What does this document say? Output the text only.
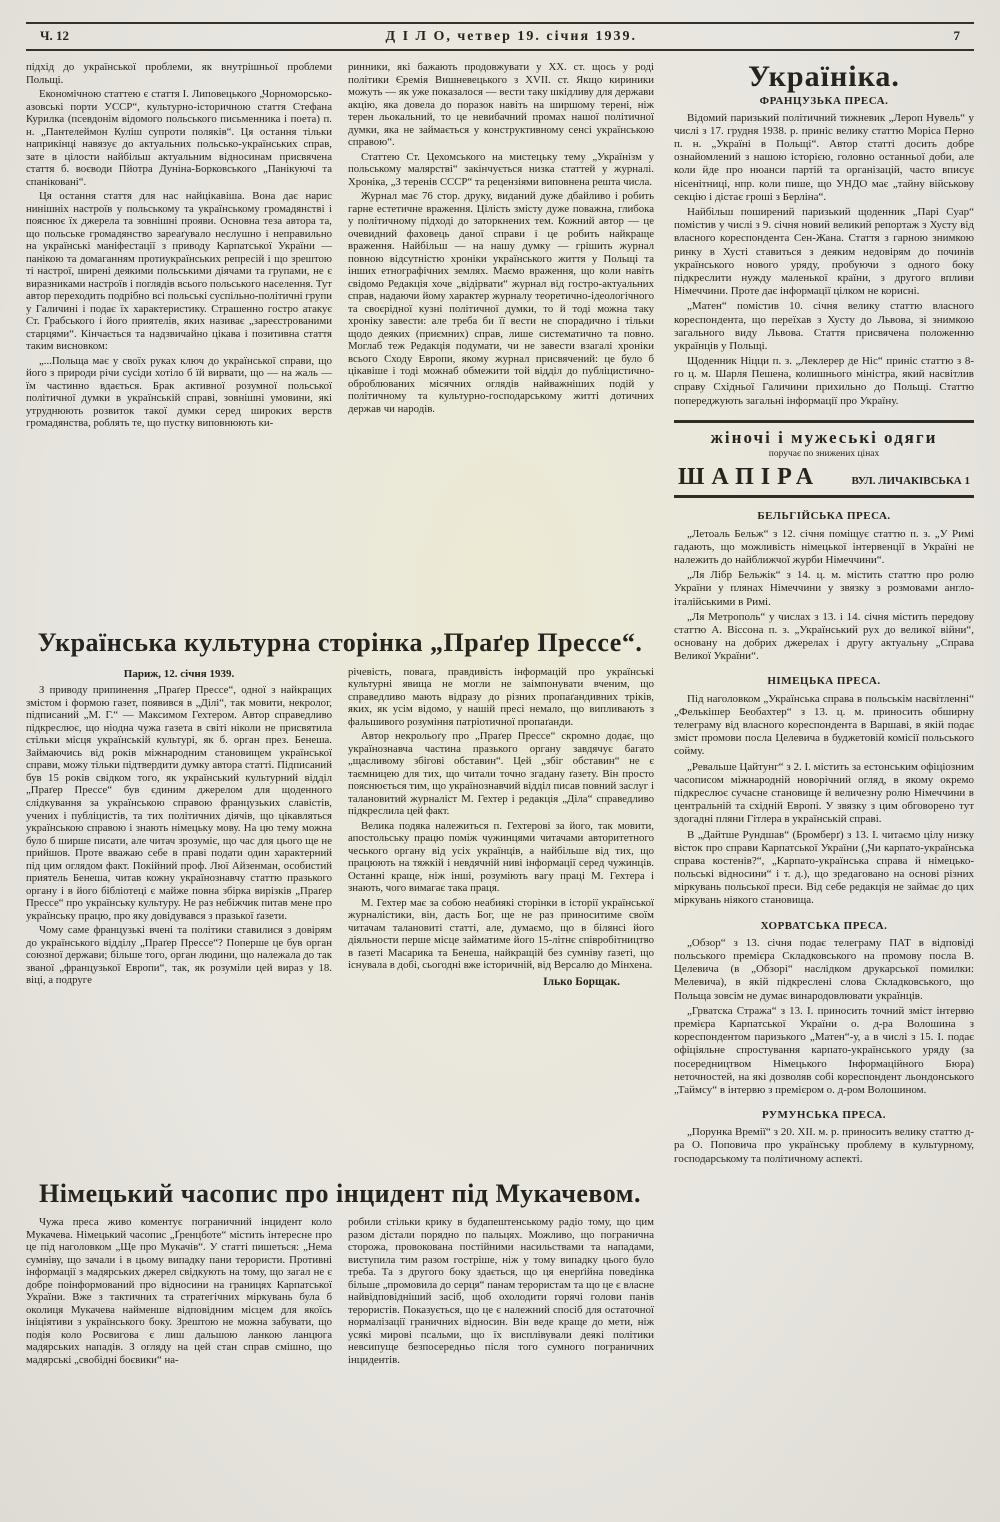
Ч. 12	Д І Л О, четвер 19. січня 1939.	7

підхід до української проблеми, як внутрішньої проблеми Польщі.

Економічною статтею є стаття І. Липовецького „Чорноморсько-азовські порти УССР“, культурно-історичною стаття Стефана Курилка (псевдонім відомого польського письменника і поета) п. н. „Пантелеймон Куліш супроти поляків“. Ця остання тільки наприкінці навязує до актуальних польсько-українських справ, зате в цілости найбільш актуальним відносинам присвячена стаття б. воєводи Пйотра Дуніна-Борковського „Панікуючі та спаніковані“.

Ця остання стаття для нас найцікавіша. Вона дає нарис нинішніх настроїв у польському та українському громадянстві і пояснює їх джерела та зовнішні прояви. Основна теза автора та, що польське громадянство зареаґувало неслушно і неправильно на українські маніфестації з приводу Карпатської України — панікою та домаганням протиукраїнських репресій і що зрештою ті настрої, ширені деякими польськими діячами та групами, не є виразниками настроїв і поглядів всього польського населення. Тут автор переходить подрібно всі польські суспільно-політичні групи у Галичині і подає їх характеристику. Страшенно гостро атакує Ст. Грабського і його приятелів, яких називає „зареєстрованими старцями“. Кінчається та надзвичайно цікава і позитивна стаття таким висновком:

„...Польща має у своїх руках ключ до української справи, що його з природи річи сусіди хотіло б їй вирвати, що — на жаль — їм частинно вдається. Брак активної розумної польської політичної думки в українській справі, зовнішні умовини, які утруднюють розвиток такої думки серед широких верств громадянства, роблять те, що пустку виповнюють ки-

ринники, які бажають продовжувати у XX. ст. щось у роді політики Єремія Вишневецького з XVII. ст. Якщо кириники можуть — як уже показалося — вести таку шкідливу для держави акцію, яка довела до поразок навіть на ширшому терені, ніж терен льокальний, то це невибачний промах нашої політичної думки, яка не займається у конструктивному сенсі українською справою“.

Статтею Ст. Цехомського на мистецьку тему „Українізм у польському малярстві“ закінчується низка статтей у журналі. Хроніка, „З теренів СССР“ та рецензіями виповнена решта числа.

Журнал має 76 стор. друку, виданий дуже дбайливо і робить гарне естетичне враження. Цілість змісту дуже поважна, глибока у політичному підході до заторкнених тем. Кожний автор — це очевидний фаховець даної справи і це робить найкраще враження. Найбільш — на нашу думку — грішить журнал повною відсутністю хроніки українського життя у Польщі та інших етнографічних землях. Маємо враження, що коли навіть свідомо Редакція хоче „відірвати“ журнал від гостро-актуальних справ, надаючи йому характер журналу теоретично-ідеологічного та своєрідної кузні політичної думки, то й тоді можна таку хроніку завести: але треба би її вести не спорадично і тільки щодо деяких (приємних) справ, лише систематично та повно. Моглаб теж Редакція подумати, чи не завести взагалі хроніки всього Сходу Европи, якому журнал присвячений: це було б цікавіше і тоді можнаб обмежити той відділ до публіцистично-оброблюваних місячних оглядів найважніших подій у політичному та культурно-господарському житті дотичних держав чи народів.

Українська культурна сторінка „Праґер Прессе“.
Париж, 12. січня 1939.

З приводу припинення „Праґер Прессе“, одної з найкращих змістом і формою газет, появився в „Ділі“, так мовити, некролог, підписаний „М. Г.“ — Максимом Гехтером. Автор справедливо підкреслює, що ніодна чужа газета в світі ніколи не присвятила стільки місця українській культурі, як б. орган през. Бенеша. Займаючись від років міжнародним становищем української справи, можу тільки підтвердити думку автора статті. Підписаний був 15 років свідком того, як український культурний відділ „Праґер Прессе“ був єдиним джерелом для щоденного слідкування за українською справою французьких славістів, учених і публіцистів, та тих політичних діячів, що цікавляться українською справою і знають німецьку мову. На цю тему можна було б ширше писати, але читач зрозуміє, що час для цього ще не прийшов. Проте вважаю себе в праві подати один характерний під цим оглядом факт. Покійний проф. Люї Айзенман, особистий приятель Бенеша, читав кожну українознавчу статтю празького органу і в його бібліотеці є майже повна збірка вирізків „Праґер Прессе“ про українську культуру. Не раз небіжчик питав мене про українську працю, про яку довідувався з празької ґазети.

Чому саме французькі вчені та політики ставилися з довірям до українського відділу „Праґер Прессе“? Поперше це був орган союзної держави; більше того, орган людини, що належала до так званої „французької Европи“, так, як розуміли цей вираз у 18. віці, а подруге

річевість, повага, правдивість інформацій про українські культурні явища не могли не заімпонувати вченим, що справедливо мають відразу до різних пропаґандивних тріків, яких, як усім відомо, у нашій пресі немало, що випливають з фальшивого розуміння патріотичної пропаґанди.

Автор некрольоґу про „Праґер Прессе“ скромно додає, що українознавча частина празького органу завдячує багато „щасливому збігові обставин“. Цей „збіг обставин“ не є таємницею для тих, що читали точно згадану ґазету. Він просто пояснюється тим, що українознавчий відділ писав повний заслуг і талановитий журналіст М. Гехтер і редакція „Діла“ справедливо підкреслила цей факт.

Велика подяка належиться п. Гехтерові за його, так мовити, апостольську працю поміж чужинцями читачами авторитетного чеського органу від усіх українців, а найбільше від тих, що працюють на тяжкій і невдячній ниві інформації серед чужинців. Останні краще, ніж інші, розуміють вагу праці М. Гехтера і знають, чого вимагає така праця.

М. Гехтер має за собою неабиякі сторінки в історії української журналістики, він, дасть Бог, ще не раз приноситиме своїм читачам талановиті статті, але, думаємо, що в білянсі його діяльности перше місце займатиме його 15-літнє співробітництво в ґазеті Масарика та Бенеша, найкращій без сумніву ґазеті, що існувала в добі, сьогодні вже історичній, від Версалю до Мінхена.

Ілько Борщак.
Німецький часопис про інцидент під Мукачевом.

Чужа преса живо коментує пограничний інцидент коло Мукачева. Німецький часопис „Ґренцботе“ містить інтересне про це під наголовком „Ще про Мукачів“. У статті пишеться: „Нема сумніву, що зачали і в цьому випадку пани терористи. Противні інформації з мадярських джерел свідкують на тому, що загал не є добре поінформований про відносини на границях Карпатської України. Вже з тактичних та стратегічних міркувань була б околиця Мукачева найменше відповідним місцем для якоїсь ініціятиви з українського боку. Зрештою не можна забувати, що подія коло Росвигова є лиш дальшою ланкою ланцюга мадярських нападів. З огляду на цей стан справ смішно, що мадярські „свобідні боєвики“ на-

робили стільки крику в будапештенському радіо тому, що цим разом дістали порядно по пальцях. Можливо, що погранична сторожа, провокована постійними насильствами та нападами, виступила тим разом гостріше, ніж у тому випадку цього було треба. Та з другого боку здається, що ця енерґійна поведінка більше „промовила до серця“ панам терористам та що це є власне найвідповідніший засіб, щоб охолодити горячі голови панів терористів. Показується, що це є належний спосіб для остаточної нормалізації граничних відносин. Він веде краще до мети, ніж усякі мирові псальми, що їх висплівували деякі політики невсипуще безпосередньо після того сумного пограничних інцидентів.

Україніка.
ФРАНЦУЗЬКА ПРЕСА.

Відомий паризький політичний тижневик „Лероп Нувель“ у числі з 17. грудня 1938. р. приніс велику статтю Моріса Перно п. н. „Україні в Польщі“. Автор статті досить добре ознайомлений з нашою історією, головно останньої доби, але коли йде про нюанси партій та організацій, часто вписує нісенітниці, нпр. коли пише, що УНДО має „тайну військову секцію і дістає гроші з Берліна“.

Найбільш поширений паризький щоденник „Парі Суар“ помістив у числі з 9. січня новий великий репортаж з Хусту від власного кореспондента Сен-Жана. Стаття з гарною знимкою ринку в Хусті ставиться з деяким недовірям до починів українського нового уряду, пробуючи з одного боку підкреслити нужду маленької країни, з другого впливи Німеччини. Проте дає інформації цілком не корисні.

„Матен“ помістив 10. січня велику статтю власного кореспондента, що переїхав з Хусту до Львова, зі знимкою загального виду Львова. Стаття присвячена положенню українців у Польщі.

Щоденник Ніцци п. з. „Леклерер де Ніс“ приніс статтю з 8-го ц. м. Шарля Пешена, колишнього міністра, який насвітлив справу Східньої Галичини прихильно до Польщі. Статтю попереджують загальні інформації про Україну.

жіночі і мужеські одяги
поручає по знижених цінах
ШАПІРА	ВУЛ. ЛИЧАКІВСЬКА 1
БЕЛЬГІЙСЬКА ПРЕСА.

„Летоаль Бельж“ з 12. січня поміщує статтю п. з. „У Римі гадають, що можливість німецької інтервенції в Україні не належить до найближчої журби Німеччини“.

„Ля Лібр Бельжік“ з 14. ц. м. містить статтю про ролю України у плянах Німеччини у звязку з розмовами англо-італійськими в Римі.

„Ля Метрополь“ у числах з 13. і 14. січня містить передову статтю А. Віссона п. з. „Український рух до великої війни“, основану на добрих джерелах і другу актуальну „Справа Великої України“.

НІМЕЦЬКА ПРЕСА.

Під наголовком „Українська справа в польськім насвітленні“ „Фелькішер Беобахтер“ з 13. ц. м. приносить обширну телеграму від власного кореспондента в Варшаві, в якій подає зміст промови посла Целевича в буджетовій комісії польського сойму.

„Ревальше Цайтунг“ з 2. І. містить за естонським офіціозним часописом міжнародній новорічний огляд, в якому окремо підкреслює сучасне становище й величезну ролю Німеччини в центральній та східній Европі. У звязку з цим обговорено тут здогадні пляни Гітлера в українській справі.

В „Дайтше Рундшав“ (Бромберґ) з 13. І. читаємо цілу низку вісток про справи Карпатської України („Чи карпато-українська справа костенів?“, „Карпато-українська справа й німецько-польські відносини“ і т. д.), що зредаговано на основі різних міркувань польської преси. Від себе редакція не займає до цих міркувань ніякого становища.

ХОРВАТСЬКА ПРЕСА.

„Обзор“ з 13. січня подає телеграму ПАТ в відповіді польського премієра Складковського на промову посла В. Целевича (в „Обзорі“ наслідком друкарської помилки: Мелевича), в якій підкреслені слова Складковського, що Польща зовсім не думає винародовлювати українців.

„Грватска Стража“ з 13. І. приносить точний зміст інтервю премієра Карпатської України о. д-ра Волошина з кореспондентом паризького „Матен“-у, а в числі з 15. І. подає офіціяльне спростування карпато-українського уряду (за посередництвом Німецького Інформаційного Бюра) неточностей, на які дозволяв собі кореспондент льондонського „Таймсу“ в інтервю з премієром о. д-ром Волошином.

РУМУНСЬКА ПРЕСА.

„Порунка Времії“ з 20. XII. м. р. приносить велику статтю д-ра О. Поповича про українську проблему в культурному, господарському та політичному аспекті.
